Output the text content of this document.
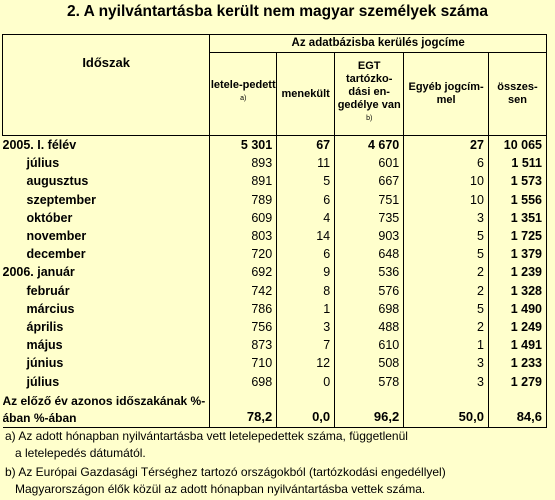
2. A nyilvántartásba került nem magyar személyek száma
Időszak	Az adatbázisba kerülés jogcíme				
	letele-pedett $^{a)}$	menekült	EGT tartózko-dási en-gedélye van $^{b)}$	Egyéb jogcím-mel	összes-sen
2005. I. félév	5 301	67	4 670	27	10 065
július	893	11	601	6	1 511
augusztus	891	5	667	10	1 573
szeptember	789	6	751	10	1 556
október	609	4	735	3	1 351
november	803	14	903	5	1 725
december	720	6	648	5	1 379
2006. január	692	9	536	2	1 239
február	742	8	576	2	1 328
március	786	1	698	5	1 490
április	756	3	488	2	1 249
május	873	7	610	1	1 491
június	710	12	508	3	1 233
július	698	0	578	3	1 279
Az előző év azonos időszakának %-ában %-ában	78,2	0,0	96,2	50,0	84,6
a) Az adott hónapban nyilvántartásba vett letelepedettek száma, függetlenül
a letelepedés dátumától.
b) Az Európai Gazdasági Térséghez tartozó országokból (tartózkodási engedéllyel)
Magyarországon élők közül az adott hónapban nyilvántartásba vettek száma.
